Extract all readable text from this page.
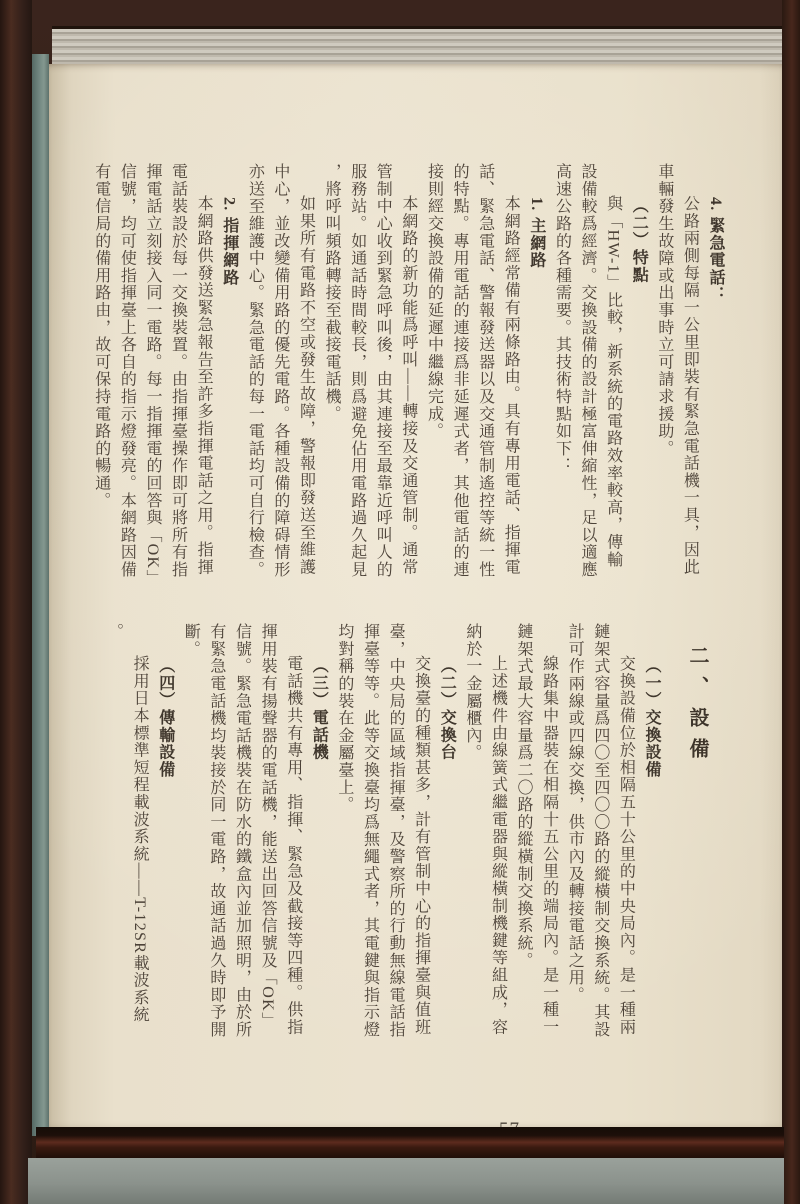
4. 緊急電話：

公路兩側每隔一公里即裝有緊急電話機一具，因此

車輛發生故障或出事時立可請求援助。

（二）特點

與「HW-1」比較，新系統的電路效率較高，傳輸

設備較爲經濟。交換設備的設計極富伸縮性，足以適應

高速公路的各種需要。其技術特點如下：

1. 主網路

本網路經常備有兩條路由。具有專用電話、指揮電

話、緊急電話、警報發送器以及交通管制遙控等統一性

的特點。專用電話的連接爲非延遲式者，其他電話的連

接則經交換設備的延遲中繼線完成。

本網路的新功能爲呼叫——轉接及交通管制。通常

管制中心收到緊急呼叫後，由其連接至最靠近呼叫人的

服務站。如通話時間較長，則爲避免佔用電路過久起見

，將呼叫頻路轉接至截接電話機。

如果所有電路不空或發生故障，警報即發送至維護

中心，並改變備用路的優先電路。各種設備的障碍情形

亦送至維護中心。緊急電話的每一電話均可自行檢查。

2. 指揮網路

本網路供發送緊急報告至許多指揮電話之用。指揮

電話裝設於每一交換裝置。由指揮臺操作即可將所有指

揮電話立刻接入同一電路。每一指揮電的回答與「OK」

信號，均可使指揮臺上各自的指示燈發亮。本網路因備

有電信局的備用路由，故可保持電路的暢通。

二、設備

（一）交換設備

交換設備位於相隔五十公里的中央局內。是一種兩

鏈架式容量爲四〇至四〇〇路的縱橫制交換系統。其設

計可作兩線或四線交換，供市內及轉接電話之用。

線路集中器裝在相隔十五公里的端局內。是一種一

鏈架式最大容量爲二〇路的縱橫制交換系統。

上述機件由線簧式繼電器與縱橫制機鍵等組成，容

納於一金屬櫃內。

（二）交換台

交換臺的種類甚多，計有管制中心的指揮臺與值班

臺，中央局的區域指揮臺，及警察所的行動無線電話指

揮臺等等。此等交換臺均爲無繩式者，其電鍵與指示燈

均對稱的裝在金屬臺上。

（三）電話機

電話機共有專用、指揮、緊急及截接等四種。供指

揮用裝有揚聲器的電話機，能送出回答信號及「OK」

信號。緊急電話機裝在防水的鐵盒內並加照明，由於所

有緊急電話機均裝接於同一電路，故通話過久時即予開

斷。

（四）傳輸設備

採用日本標準短程載波系統——T-12SR載波系統

。
